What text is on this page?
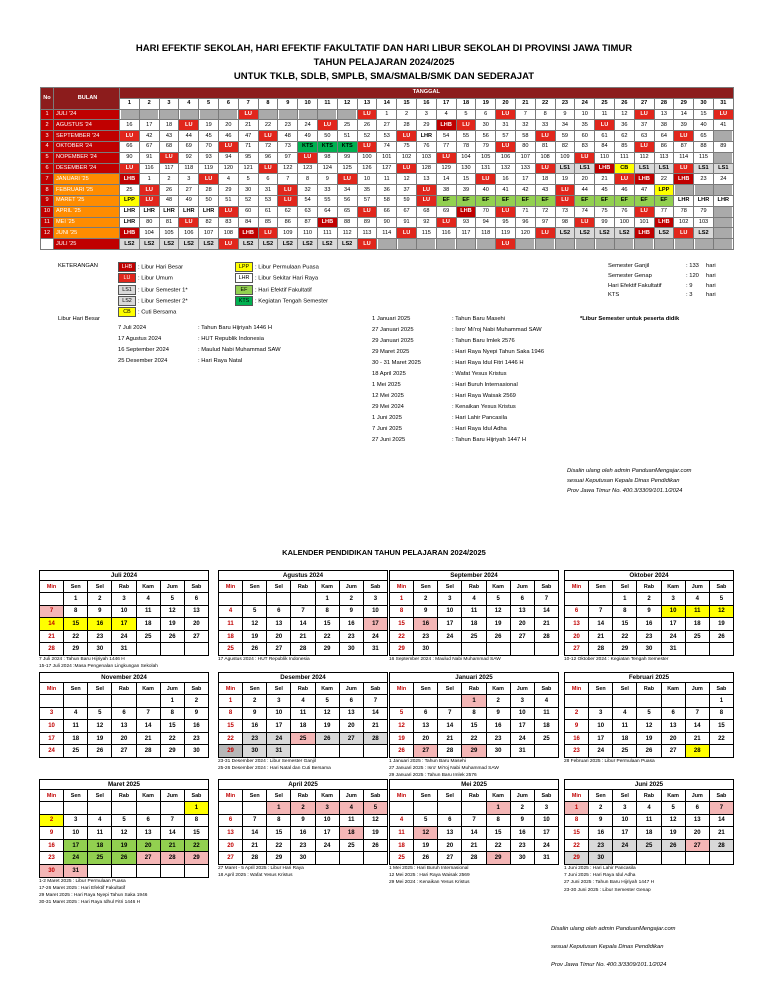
HARI EFEKTIF SEKOLAH, HARI EFEKTIF FAKULTATIF DAN HARI LIBUR SEKOLAH DI PROVINSI JAWA TIMUR
TAHUN PELAJARAN 2024/2025
UNTUK TKLB, SDLB, SMPLB, SMA/SMALB/SMK DAN SEDERAJAT
No	BULAN	TANGGAL																														
		1	2	3	4	5	6	7	8	9	10	11	12	13	14	15	16	17	18	19	20	21	22	23	24	25	26	27	28	29	30	31
1	JULI '24							LU						LU	1	2	3	4	5	6	LU	7	8	9	10	11	12	LU	13	14	15	LU
2	AGUSTUS '24	16	17	18	LU	19	20	21	22	23	24	LU	25	26	27	28	29	LHB	LU	30	31	32	33	34	35	LU	36	37	38	39	40	41
3	SEPTEMBER '24	LU	42	43	44	45	46	47	LU	48	49	50	51	52	53	LU	LHR	54	55	56	57	58	LU	59	60	61	62	63	64	LU	65	
4	OKTOBER '24	66	67	68	69	70	LU	71	72	73	KTS	KTS	KTS	LU	74	75	76	77	78	79	LU	80	81	82	83	84	85	LU	86	87	88	89
5	NOPEMBER '24	90	91	LU	92	93	94	95	96	97	LU	98	99	100	101	102	103	LU	104	105	106	107	108	109	LU	110	111	112	113	114	115	
6	DESEMBER '24	LU	116	117	118	119	120	121	LU	122	123	124	125	126	127	LU	128	129	130	131	132	133	LU	LS1	LS1	LHB	CB	LS1	LS1	LU	LS1	LS1
7	JANUARI '25	LHB	1	2	3	LU	4	5	6	7	8	9	LU	10	11	12	13	14	15	LU	16	17	18	19	20	21	LU	LHB	22	LHB	23	24
8	FEBRUARI '25	25	LU	26	27	28	29	30	31	LU	32	33	34	35	36	37	LU	38	39	40	41	42	43	LU	44	45	46	47	LPP			
9	MARET '25	LPP	LU	48	49	50	51	52	53	LU	54	55	56	57	58	59	LU	EF	EF	EF	EF	EF	EF	LU	EF	EF	EF	EF	EF	LHR	LHR	LHR
10	APRIL '25	LHR	LHR	LHR	LHR	LHR	LU	60	61	62	63	64	65	LU	66	67	68	69	LHB	70	LU	71	72	73	74	75	76	LU	77	78	79	
11	MEI '25	LHR	80	81	LU	82	83	84	85	86	87	LHB	88	89	90	91	92	LU	93	94	95	96	97	98	LU	99	100	101	LHB	102	103	
12	JUNI '25	LHB	104	105	106	107	108	LHB	LU	109	110	111	112	113	114	LU	115	116	117	118	119	120	LU	LS2	LS2	LS2	LS2	LHB	LS2	LU	LS2	
	JULI '25	LS2	LS2	LS2	LS2	LS2	LU	LS2	LS2	LS2	LS2	LS2	LS2	LU							LU											
KETERANGAN	LHB : Libur Hari Besar
LU : Libur Umum
LS1 : Libur Semester 1*
LS2 : Libur Semester 2*
CB : Cuti Bersama
LPP : Libur Permulaan Puasa
LHR : Libur Sekitar Hari Raya
EF : Hari Efektif Fakultatif
KTS : Kegiatan Tengah Semester
Semester Ganjil	: 133 hari
Semester Genap	: 120 hari
Hari Efektif Fakultatif	: 9 hari
KTS	: 3 hari
*Libur Semester untuk peserta didik
Libur Hari Besar
7 Juli 2024	: Tahun Baru Hijriyah 1446 H
17 Agustus 2024	: HUT Republik Indonesia
16 September 2024	: Maulud Nabi Muhammad SAW
25 Desember 2024	: Hari Raya Natal
1 Januari 2025	: Tahun Baru Masehi
27 Januari 2025	: Isro' Mi'roj Nabi Muhammad SAW
29 Januari 2025	: Tahun Baru Imlek 2576
29 Maret 2025	: Hari Raya Nyepi Tahun Saka 1946
30 - 31 Maret 2025	: Hari Raya Idul Fitri 1446 H
18 April 2025	: Wafat Yesus Kristus
1 Mei 2025	: Hari Buruh Internasional
12 Mei 2025	: Hari Raya Waisak 2569
29 Mei 2024	: Kenaikan Yesus Kristus
1 Juni 2025	: Hari Lahir Pancasila
7 Juni 2025	: Hari Raya Idul Adha
27 Juni 2025	: Tahun Baru Hijriyah 1447 H
Disalin ulang oleh admin PanduanMengajar.com
sesuai Keputusan Kepala Dinas Pendidikan
Prov Jawa Timur No. 400.3/3309/101.1/2024
KALENDER PENDIDIKAN TAHUN PELAJARAN 2024/2025
Juli 2024
Min	Sen	Sel	Rab	Kam	Jum	Sab
	1	2	3	4	5	6
7	8	9	10	11	12	13
14	15	16	17	18	19	20
21	22	23	24	25	26	27
28	29	30	31			
7 Juli 2024 : Tahun Baru Hijriyah 1446 H
15-17 Juli 2024 :Masa Pengenalan Lingkungan Sekolah
Agustus 2024
Min	Sen	Sel	Rab	Kam	Jum	Sab
				1	2	3
4	5	6	7	8	9	10
11	12	13	14	15	16	17
18	19	20	21	22	23	24
25	26	27	28	29	30	31
17 Agustus 2024 : HUT Republik Indonesia
September 2024
Min	Sen	Sel	Rab	Kam	Jum	Sab
1	2	3	4	5	6	7
8	9	10	11	12	13	14
15	16	17	18	19	20	21
22	23	24	25	26	27	28
29	30					
16 September 2024 : Maulud Nabi Muhammad SAW
Oktober 2024
Min	Sen	Sel	Rab	Kam	Jum	Sab
		1	2	3	4	5
6	7	8	9	10	11	12
13	14	15	16	17	18	19
20	21	22	23	24	25	26
27	28	29	30	31		
10-12 Oktober 2024 : Kegiatan Tengah Semester
November 2024
Min	Sen	Sel	Rab	Kam	Jum	Sab
					1	2
3	4	5	6	7	8	9
10	11	12	13	14	15	16
17	18	19	20	21	22	23
24	25	26	27	28	29	30
Desember 2024
Min	Sen	Sel	Rab	Kam	Jum	Sab
1	2	3	4	5	6	7
8	9	10	11	12	13	14
15	16	17	18	19	20	21
22	23	24	25	26	27	28
29	30	31				
23-31 Desember 2024 : Libur Semester Ganjil
25-26 Desember 2024 : Hari Natal dan Cuti Bersama
Januari 2025
Min	Sen	Sel	Rab	Kam	Jum	Sab
			1	2	3	4
5	6	7	8	9	10	11
12	13	14	15	16	17	18
19	20	21	22	23	24	25
26	27	28	29	30	31	
1 Januari 2025 : Tahun Baru Masehi
27 Januari 2025 : Isro' Mi'roj Nabi Muhammad SAW
29 Januari 2025 : Tahun Baru Imlek 2576
Februari 2025
Min	Sen	Sel	Rab	Kam	Jum	Sab
						1
2	3	4	5	6	7	8
9	10	11	12	13	14	15
16	17	18	19	20	21	22
23	24	25	26	27	28	
28 Februari 2025 : Libur Permulaan Puasa
Maret 2025
Min	Sen	Sel	Rab	Kam	Jum	Sab
						1
2	3	4	5	6	7	8
9	10	11	12	13	14	15
16	17	18	19	20	21	22
23	24	25	26	27	28	29
30	31					
1-2 Maret 2025 : Libur Permulaan Puasa
17-26 Maret 2025 : Hari Efektif Fakultatif
29 Maret 2025 : Hari Raya Nyepi Tahun Saka 1946
30-31 Maret 2025 : Hari Raya Idhul Fitri 1446 H
April 2025
Min	Sen	Sel	Rab	Kam	Jum	Sab
		1	2	3	4	5
6	7	8	9	10	11	12
13	14	15	16	17	18	19
20	21	22	23	24	25	26
27	28	29	30			
27 Maret - 5 April 2025 : Libur Hari Raya
18 April 2025 : Wafat Yesus Kristus
Mei 2025
Min	Sen	Sel	Rab	Kam	Jum	Sab
				1	2	3
4	5	6	7	8	9	10
11	12	13	14	15	16	17
18	19	20	21	22	23	24
25	26	27	28	29	30	31
1 Mei 2025 : Hari Buruh Internasional
12 Mei 2025 : Hari Raya Waisak 2569
29 Mei 2024 : Kenaikan Yesus Kristus
Juni 2025
Min	Sen	Sel	Rab	Kam	Jum	Sab
1	2	3	4	5	6	7
8	9	10	11	12	13	14
15	16	17	18	19	20	21
22	23	24	25	26	27	28
29	30					
1 Juni 2025 : Hari Lahir Pancasila
7 Juni 2025 : Hari Raya Idul Adha
27 Juni 2025 : Tahun Baru Hijriyah 1447 H
23-30 Juni 2025 : Libur Semester Genap
Disalin ulang oleh admin PanduanMengajar.com
sesuai Keputusan Kepala Dinas Pendidikan
Prov Jawa Timur No. 400.3/3309/101.1/2024
